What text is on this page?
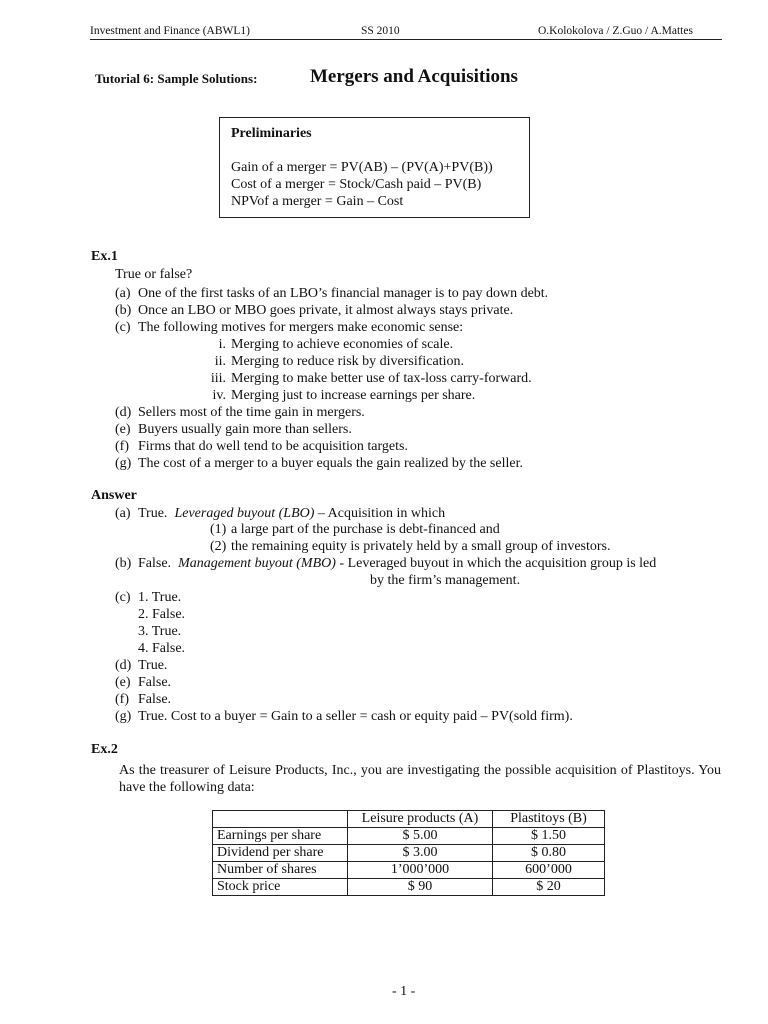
Investment and Finance (ABWL1)	SS 2010	O.Kolokolova / Z.Guo / A.Mattes
Tutorial 6: Sample Solutions:	Mergers and Acquisitions
Preliminaries
Gain of a merger = PV(AB) – (PV(A)+PV(B))
Cost of a merger = Stock/Cash paid – PV(B)
NPVof a merger = Gain – Cost
Ex.1
True or false?
(a) One of the first tasks of an LBO’s financial manager is to pay down debt.
(b) Once an LBO or MBO goes private, it almost always stays private.
(c) The following motives for mergers make economic sense:
i. Merging to achieve economies of scale.
ii. Merging to reduce risk by diversification.
iii. Merging to make better use of tax-loss carry-forward.
iv. Merging just to increase earnings per share.
(d) Sellers most of the time gain in mergers.
(e) Buyers usually gain more than sellers.
(f) Firms that do well tend to be acquisition targets.
(g) The cost of a merger to a buyer equals the gain realized by the seller.
Answer
(a) True. Leveraged buyout (LBO) – Acquisition in which
(1) a large part of the purchase is debt-financed and
(2) the remaining equity is privately held by a small group of investors.
(b) False. Management buyout (MBO) - Leveraged buyout in which the acquisition group is led
by the firm’s management.
(c) 1. True.
2. False.
3. True.
4. False.
(d) True.
(e) False.
(f) False.
(g) True. Cost to a buyer = Gain to a seller = cash or equity paid – PV(sold firm).
Ex.2
As the treasurer of Leisure Products, Inc., you are investigating the possible acquisition of Plastitoys. You have the following data:
	Leisure products (A)	Plastitoys (B)
Earnings per share	$ 5.00	$ 1.50
Dividend per share	$ 3.00	$ 0.80
Number of shares	1’000’000	600’000
Stock price	$ 90	$ 20
- 1 -
